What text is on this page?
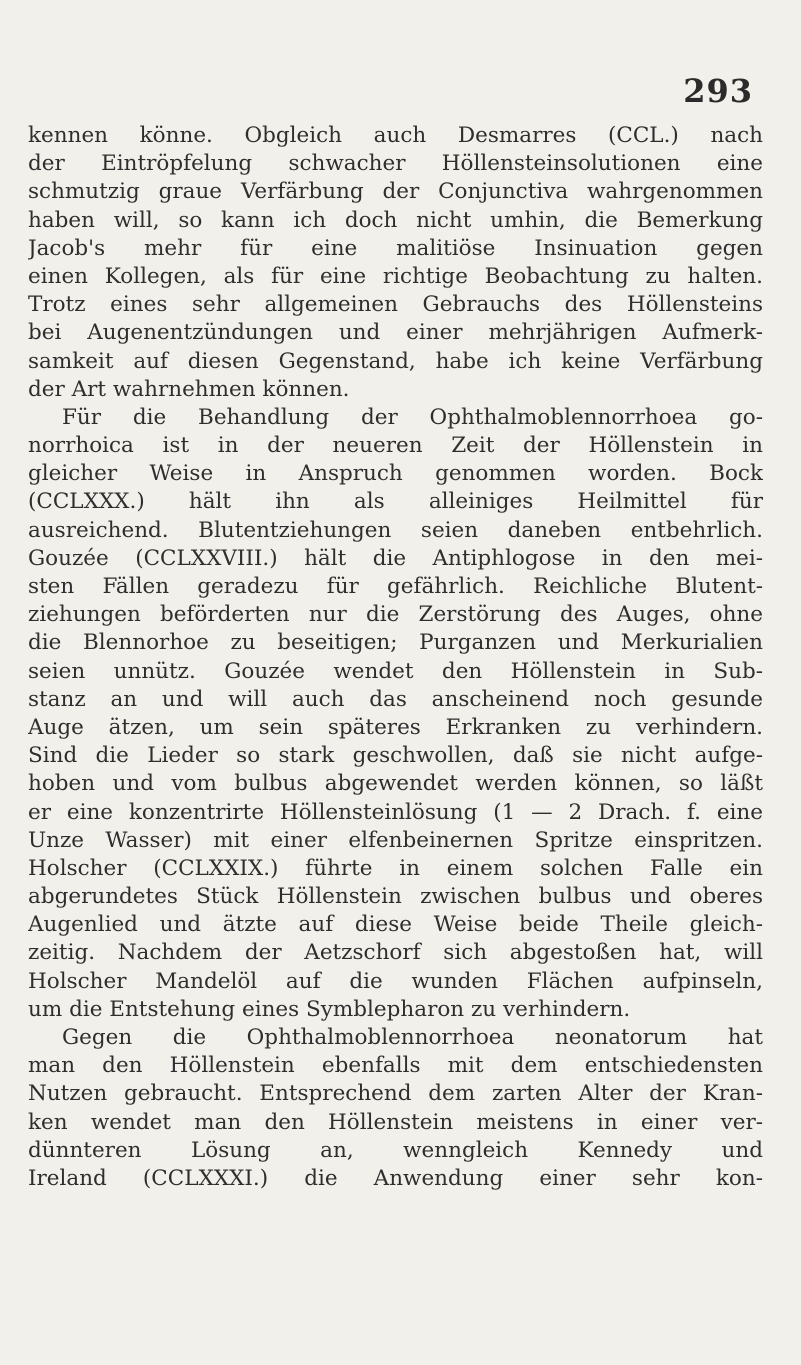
293
kennen könne. Obgleich auch Desmarres (CCL.) nach
der Eintröpfelung schwacher Höllensteinsolutionen eine
schmutzig graue Verfärbung der Conjunctiva wahrgenommen
haben will, so kann ich doch nicht umhin, die Bemerkung
Jacob's mehr für eine malitiöse Insinuation gegen
einen Kollegen, als für eine richtige Beobachtung zu halten.
Trotz eines sehr allgemeinen Gebrauchs des Höllensteins
bei Augenentzündungen und einer mehrjährigen Aufmerk-
samkeit auf diesen Gegenstand, habe ich keine Verfärbung
der Art wahrnehmen können.
Für die Behandlung der Ophthalmoblennorrhoea go-
norrhoica ist in der neueren Zeit der Höllenstein in
gleicher Weise in Anspruch genommen worden. Bock
(CCLXXX.) hält ihn als alleiniges Heilmittel für
ausreichend. Blutentziehungen seien daneben entbehrlich.
Gouzée (CCLXXVIII.) hält die Antiphlogose in den mei-
sten Fällen geradezu für gefährlich. Reichliche Blutent-
ziehungen beförderten nur die Zerstörung des Auges, ohne
die Blennorhoe zu beseitigen; Purganzen und Merkurialien
seien unnütz. Gouzée wendet den Höllenstein in Sub-
stanz an und will auch das anscheinend noch gesunde
Auge ätzen, um sein späteres Erkranken zu verhindern.
Sind die Lieder so stark geschwollen, daß sie nicht aufge-
hoben und vom bulbus abgewendet werden können, so läßt
er eine konzentrirte Höllensteinlösung (1 — 2 Drach. f. eine
Unze Wasser) mit einer elfenbeinernen Spritze einspritzen.
Holscher (CCLXXIX.) führte in einem solchen Falle ein
abgerundetes Stück Höllenstein zwischen bulbus und oberes
Augenlied und ätzte auf diese Weise beide Theile gleich-
zeitig. Nachdem der Aetzschorf sich abgestoßen hat, will
Holscher Mandelöl auf die wunden Flächen aufpinseln,
um die Entstehung eines Symblepharon zu verhindern.
Gegen die Ophthalmoblennorrhoea neonatorum hat
man den Höllenstein ebenfalls mit dem entschiedensten
Nutzen gebraucht. Entsprechend dem zarten Alter der Kran-
ken wendet man den Höllenstein meistens in einer ver-
dünnteren Lösung an, wenngleich Kennedy und
Ireland (CCLXXXI.) die Anwendung einer sehr kon-
